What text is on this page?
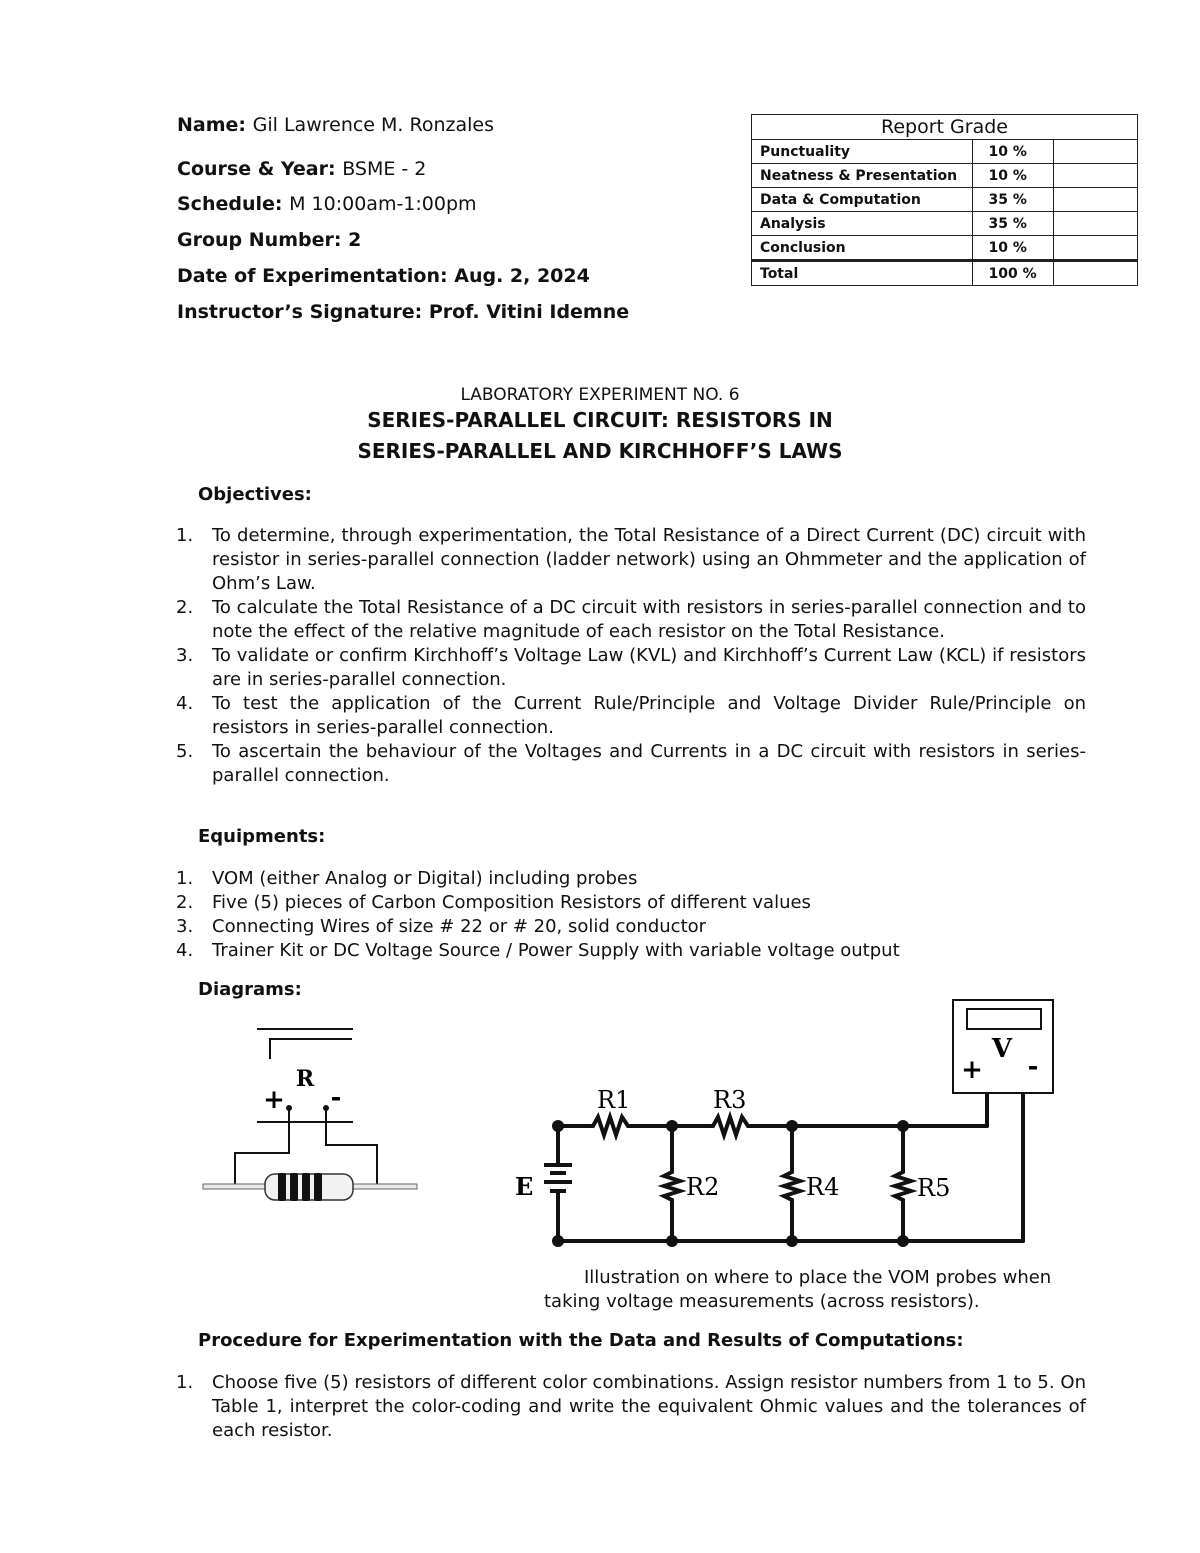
Name: Gil Lawrence M. Ronzales
Course & Year: BSME - 2
Schedule: M 10:00am-1:00pm
Group Number: 2
Date of Experimentation: Aug. 2, 2024
Instructor’s Signature: Prof. Vitini Idemne
Report Grade		
Punctuality	10 %	
Neatness & Presentation	10 %	
Data & Computation	35 %	
Analysis	35 %	
Conclusion	10 %	
Total	100 %	
LABORATORY EXPERIMENT NO. 6
SERIES-PARALLEL CIRCUIT: RESISTORS IN
SERIES-PARALLEL AND KIRCHHOFF’S LAWS
Objectives:
1. To determine, through experimentation, the Total Resistance of a Direct Current (DC) circuit with resistor in series-parallel connection (ladder network) using an Ohmmeter and the application of Ohm’s Law.
2. To calculate the Total Resistance of a DC circuit with resistors in series-parallel connection and to note the effect of the relative magnitude of each resistor on the Total Resistance.
3. To validate or confirm Kirchhoff’s Voltage Law (KVL) and Kirchhoff’s Current Law (KCL) if resistors are in series-parallel connection.
4. To test the application of the Current Rule/Principle and Voltage Divider Rule/Principle on resistors in series-parallel connection.
5. To ascertain the behaviour of the Voltages and Currents in a DC circuit with resistors in series-parallel connection.
Equipments:
1. VOM (either Analog or Digital) including probes
2. Five (5) pieces of Carbon Composition Resistors of different values
3. Connecting Wires of size # 22 or # 20, solid conductor
4. Trainer Kit or DC Voltage Source / Power Supply with variable voltage output
Diagrams:
R
+ -
V
+ -
R1	R3
R2	R4	R5
E
Illustration on where to place the VOM probes when
taking voltage measurements (across resistors).
Procedure for Experimentation with the Data and Results of Computations:
1. Choose five (5) resistors of different color combinations. Assign resistor numbers from 1 to 5. On Table 1, interpret the color-coding and write the equivalent Ohmic values and the tolerances of each resistor.
